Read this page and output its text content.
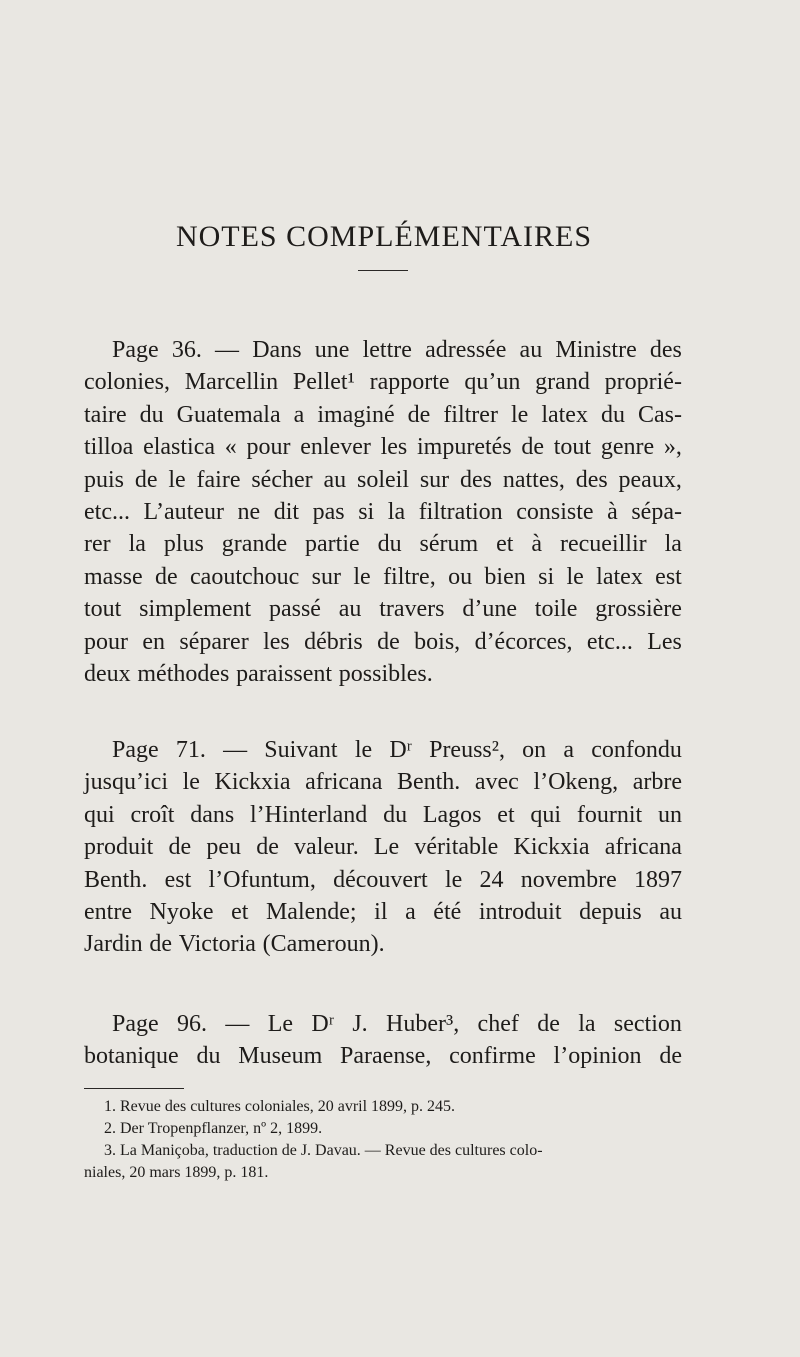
NOTES COMPLÉMENTAIRES
Page 36. — Dans une lettre adressée au Ministre des
colonies, Marcellin Pellet¹ rapporte qu’un grand proprié-
taire du Guatemala a imaginé de filtrer le latex du Cas-
tilloa elastica « pour enlever les impuretés de tout genre »,
puis de le faire sécher au soleil sur des nattes, des peaux,
etc... L’auteur ne dit pas si la filtration consiste à sépa-
rer la plus grande partie du sérum et à recueillir la
masse de caoutchouc sur le filtre, ou bien si le latex est
tout simplement passé au travers d’une toile grossière
pour en séparer les débris de bois, d’écorces, etc... Les
deux méthodes paraissent possibles.
Page 71. — Suivant le Dʳ Preuss², on a confondu
jusqu’ici le Kickxia africana Benth. avec l’Okeng, arbre
qui croît dans l’Hinterland du Lagos et qui fournit un
produit de peu de valeur. Le véritable Kickxia africana
Benth. est l’Ofuntum, découvert le 24 novembre 1897
entre Nyoke et Malende; il a été introduit depuis au
Jardin de Victoria (Cameroun).
Page 96. — Le Dʳ J. Huber³, chef de la section
botanique du Museum Paraense, confirme l’opinion de
1. Revue des cultures coloniales, 20 avril 1899, p. 245.
2. Der Tropenpflanzer, nº 2, 1899.
3. La Maniçoba, traduction de J. Davau. — Revue des cultures colo-
niales, 20 mars 1899, p. 181.
